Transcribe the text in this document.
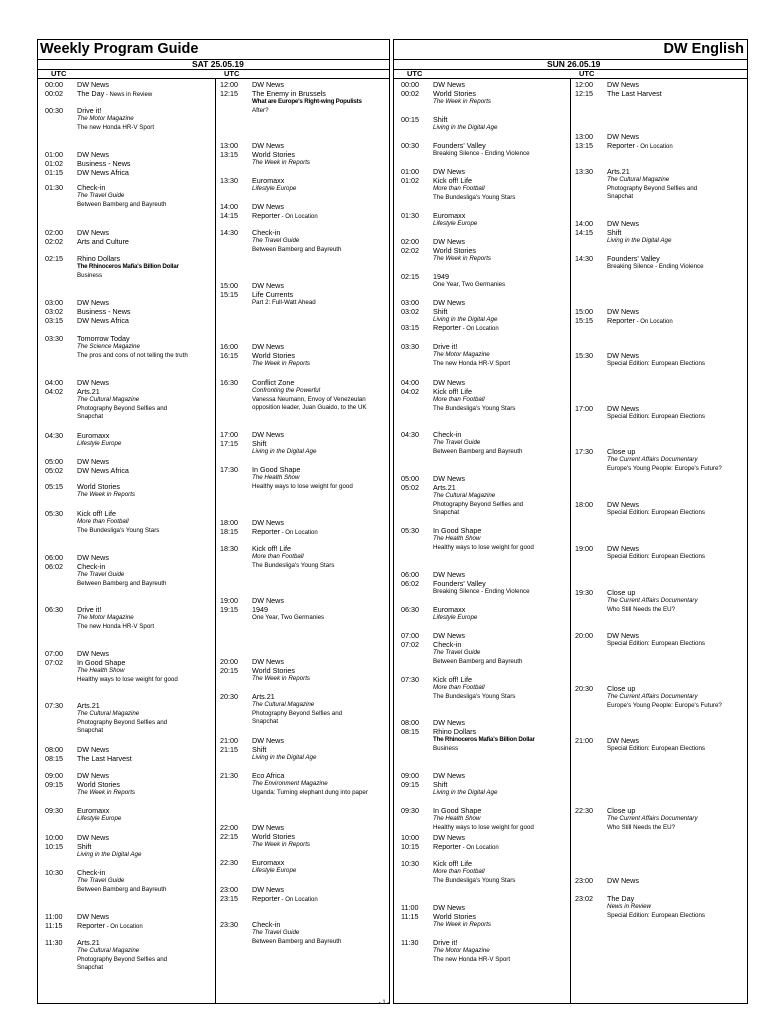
Weekly Program Guide
SAT 25.05.19
UTC	UTC
00:00	DW News
00:02	The Day - News in Review
00:30	Drive it!
The Motor Magazine
The new Honda HR-V Sport
01:00	DW News
01:02	Business - News
01:15	DW News Africa
01:30	Check-in
The Travel Guide
Between Bamberg and Bayreuth
02:00	DW News
02:02	Arts and Culture
02:15	Rhino Dollars
The Rhinoceros Mafia's Billion Dollar
Business
03:00	DW News
03:02	Business - News
03:15	DW News Africa
03:30	Tomorrow Today
The Science Magazine
The pros and cons of not telling the truth
04:00	DW News
04:02	Arts.21
The Cultural Magazine
Photography Beyond Selfies and
Snapchat
04:30	Euromaxx
Lifestyle Europe
05:00	DW News
05:02	DW News Africa
05:15	World Stories
The Week in Reports
05:30	Kick off! Life
More than Football
The Bundesliga's Young Stars
06:00	DW News
06:02	Check-in
The Travel Guide
Between Bamberg and Bayreuth
06:30	Drive it!
The Motor Magazine
The new Honda HR-V Sport
07:00	DW News
07:02	In Good Shape
The Health Show
Healthy ways to lose weight for good
07:30	Arts.21
The Cultural Magazine
Photography Beyond Selfies and
Snapchat
08:00	DW News
08:15	The Last Harvest
09:00	DW News
09:15	World Stories
The Week in Reports
09:30	Euromaxx
Lifestyle Europe
10:00	DW News
10:15	Shift
Living in the Digital Age
10:30	Check-in
The Travel Guide
Between Bamberg and Bayreuth
11:00	DW News
11:15	Reporter - On Location
11:30	Arts.21
The Cultural Magazine
Photography Beyond Selfies and
Snapchat
12:00	DW News
12:15	The Enemy in Brussels
What are Europe's Right-wing Populists
After?
13:00	DW News
13:15	World Stories
The Week in Reports
13:30	Euromaxx
Lifestyle Europe
14:00	DW News
14:15	Reporter - On Location
14:30	Check-in
The Travel Guide
Between Bamberg and Bayreuth
15:00	DW News
15:15	Life Currents
Part 2: Full-Watt Ahead
16:00	DW News
16:15	World Stories
The Week in Reports
16:30	Conflict Zone
Confronting the Powerful
Vanessa Neumann, Envoy of Venezeulan
opposition leader, Juan Guaido, to the UK
17:00	DW News
17:15	Shift
Living in the Digital Age
17:30	In Good Shape
The Health Show
Healthy ways to lose weight for good
18:00	DW News
18:15	Reporter - On Location
18:30	Kick off! Life
More than Football
The Bundesliga's Young Stars
19:00	DW News
19:15	1949
One Year, Two Germanies
20:00	DW News
20:15	World Stories
The Week in Reports
20:30	Arts.21
The Cultural Magazine
Photography Beyond Selfies and
Snapchat
21:00	DW News
21:15	Shift
Living in the Digital Age
21:30	Eco Africa
The Environment Magazine
Uganda: Turning elephant dung into paper
22:00	DW News
22:15	World Stories
The Week in Reports
22:30	Euromaxx
Lifestyle Europe
23:00	DW News
23:15	Reporter - On Location
23:30	Check-in
The Travel Guide
Between Bamberg and Bayreuth
DW English
SUN 26.05.19
UTC	UTC
00:00	DW News
00:02	World Stories
The Week in Reports
00:15	Shift
Living in the Digital Age
00:30	Founders' Valley
Breaking Silence - Ending Violence
01:00	DW News
01:02	Kick off! Life
More than Football
The Bundesliga's Young Stars
01:30	Euromaxx
Lifestyle Europe
02:00	DW News
02:02	World Stories
The Week in Reports
02:15	1949
One Year, Two Germanies
03:00	DW News
03:02	Shift
Living in the Digital Age
03:15	Reporter - On Location
03:30	Drive it!
The Motor Magazine
The new Honda HR-V Sport
04:00	DW News
04:02	Kick off! Life
More than Football
The Bundesliga's Young Stars
04:30	Check-in
The Travel Guide
Between Bamberg and Bayreuth
05:00	DW News
05:02	Arts.21
The Cultural Magazine
Photography Beyond Selfies and
Snapchat
05:30	In Good Shape
The Health Show
Healthy ways to lose weight for good
06:00	DW News
06:02	Founders' Valley
Breaking Silence - Ending Violence
06:30	Euromaxx
Lifestyle Europe
07:00	DW News
07:02	Check-in
The Travel Guide
Between Bamberg and Bayreuth
07:30	Kick off! Life
More than Football
The Bundesliga's Young Stars
08:00	DW News
08:15	Rhino Dollars
The Rhinoceros Mafia's Billion Dollar
Business
09:00	DW News
09:15	Shift
Living in the Digital Age
09:30	In Good Shape
The Health Show
Healthy ways to lose weight for good
10:00	DW News
10:15	Reporter - On Location
10:30	Kick off! Life
More than Football
The Bundesliga's Young Stars
11:00	DW News
11:15	World Stories
The Week in Reports
11:30	Drive it!
The Motor Magazine
The new Honda HR-V Sport
12:00	DW News
12:15	The Last Harvest
13:00	DW News
13:15	Reporter - On Location
13:30	Arts.21
The Cultural Magazine
Photography Beyond Selfies and
Snapchat
14:00	DW News
14:15	Shift
Living in the Digital Age
14:30	Founders' Valley
Breaking Silence - Ending Violence
15:00	DW News
15:15	Reporter - On Location
15:30	DW News
Special Edition: European Elections
17:00	DW News
Special Edition: European Elections
17:30	Close up
The Current Affairs Documentary
Europe's Young People: Europe's Future?
18:00	DW News
Special Edition: European Elections
19:00	DW News
Special Edition: European Elections
19:30	Close up
The Current Affairs Documentary
Who Still Needs the EU?
20:00	DW News
Special Edition: European Elections
20:30	Close up
The Current Affairs Documentary
Europe's Young People: Europe's Future?
21:00	DW News
Special Edition: European Elections
22:30	Close up
The Current Affairs Documentary
Who Still Needs the EU?
23:00	DW News
23:02	The Day
News in Review
Special Edition: European Elections
- 1 -
